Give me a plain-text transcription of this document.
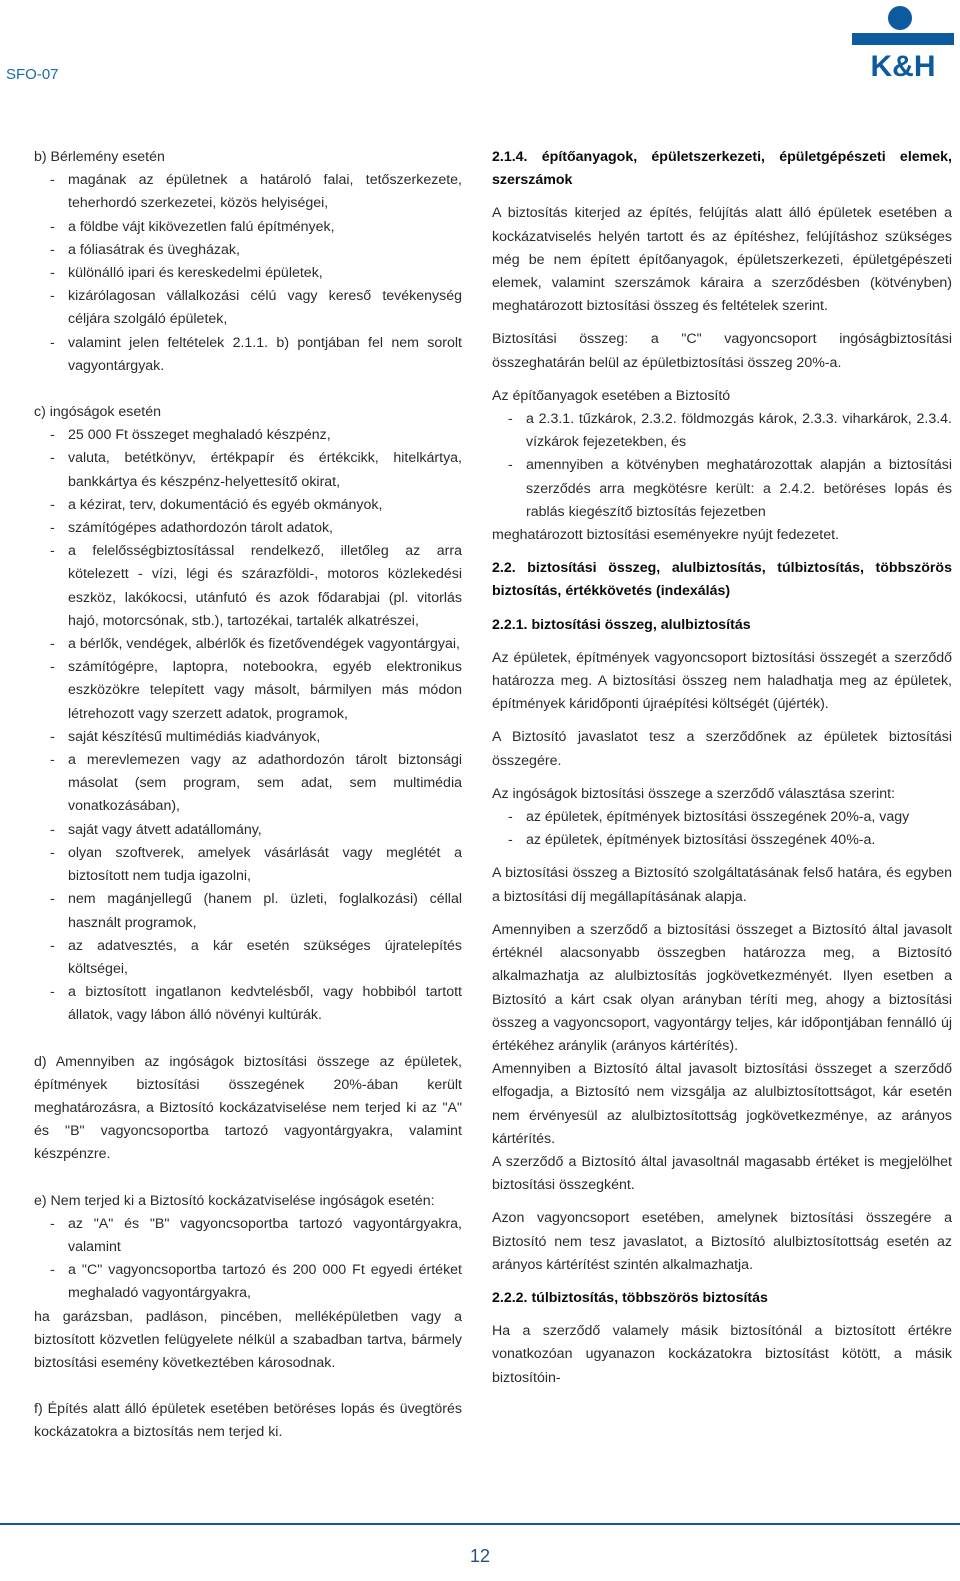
SFO-07	K&H

b) Bérlemény esetén

- magának az épületnek a határoló falai, tetőszerkezete, teherhordó szerkezetei, közös helyiségei,
- a földbe vájt kikövezetlen falú építmények,
- a fóliasátrak és üvegházak,
- különálló ipari és kereskedelmi épületek,
- kizárólagosan vállalkozási célú vagy kereső tevékenység céljára szolgáló épületek,
- valamint jelen feltételek 2.1.1. b) pontjában fel nem sorolt vagyontárgyak.

c) ingóságok esetén

- 25 000 Ft összeget meghaladó készpénz,
- valuta, betétkönyv, értékpapír és értékcikk, hitelkártya, bankkártya és készpénz-helyettesítő okirat,
- a kézirat, terv, dokumentáció és egyéb okmányok,
- számítógépes adathordozón tárolt adatok,
- a felelősségbiztosítással rendelkező, illetőleg az arra kötelezett - vízi, légi és szárazföldi-, motoros közlekedési eszköz, lakókocsi, utánfutó és azok fődarabjai (pl. vitorlás hajó, motorcsónak, stb.), tartozékai, tartalék alkatrészei,
- a bérlők, vendégek, albérlők és fizetővendégek vagyontárgyai,
- számítógépre, laptopra, notebookra, egyéb elektronikus eszközökre telepített vagy másolt, bármilyen más módon létrehozott vagy szerzett adatok, programok,
- saját készítésű multimédiás kiadványok,
- a merevlemezen vagy az adathordozón tárolt biztonsági másolat (sem program, sem adat, sem multimédia vonatkozásában),
- saját vagy átvett adatállomány,
- olyan szoftverek, amelyek vásárlását vagy meglétét a biztosított nem tudja igazolni,
- nem magánjellegű (hanem pl. üzleti, foglalkozási) céllal használt programok,
- az adatvesztés, a kár esetén szükséges újratelepítés költségei,
- a biztosított ingatlanon kedvtelésből, vagy hobbiból tartott állatok, vagy lábon álló növényi kultúrák.

d) Amennyiben az ingóságok biztosítási összege az épületek, építmények biztosítási összegének 20%-ában került meghatározásra, a Biztosító kockázatviselése nem terjed ki az "A" és "B" vagyoncsoportba tartozó vagyontárgyakra, valamint készpénzre.

e) Nem terjed ki a Biztosító kockázatviselése ingóságok esetén:

- az "A" és "B" vagyoncsoportba tartozó vagyontárgyakra, valamint
- a "C" vagyoncsoportba tartozó és 200 000 Ft egyedi értéket meghaladó vagyontárgyakra,

ha garázsban, padláson, pincében, melléképületben vagy a biztosított közvetlen felügyelete nélkül a szabadban tartva, bármely biztosítási esemény következtében károsodnak.

f) Építés alatt álló épületek esetében betöréses lopás és üvegtörés kockázatokra a biztosítás nem terjed ki.

2.1.4. építőanyagok, épületszerkezeti, épületgépészeti elemek, szerszámok

A biztosítás kiterjed az építés, felújítás alatt álló épületek esetében a kockázatviselés helyén tartott és az építéshez, felújításhoz szükséges még be nem épített építőanyagok, épületszerkezeti, épületgépészeti elemek, valamint szerszámok káraira a szerződésben (kötvényben) meghatározott biztosítási összeg és feltételek szerint.

Biztosítási összeg: a "C" vagyoncsoport ingóságbiztosítási összeghatárán belül az épületbiztosítási összeg 20%-a.

Az építőanyagok esetében a Biztosító

- a 2.3.1. tűzkárok, 2.3.2. földmozgás károk, 2.3.3. viharkárok, 2.3.4. vízkárok fejezetekben, és
- amennyiben a kötvényben meghatározottak alapján a biztosítási szerződés arra megkötésre került: a 2.4.2. betöréses lopás és rablás kiegészítő biztosítás fejezetben

meghatározott biztosítási eseményekre nyújt fedezetet.

2.2. biztosítási összeg, alulbiztosítás, túlbiztosítás, többszörös biztosítás, értékkövetés (indexálás)

2.2.1. biztosítási összeg, alulbiztosítás

Az épületek, építmények vagyoncsoport biztosítási összegét a szerződő határozza meg. A biztosítási összeg nem haladhatja meg az épületek, építmények káridőponti újraépítési költségét (újérték).

A Biztosító javaslatot tesz a szerződőnek az épületek biztosítási összegére.

Az ingóságok biztosítási összege a szerződő választása szerint:

- az épületek, építmények biztosítási összegének 20%-a, vagy
- az épületek, építmények biztosítási összegének 40%-a.

A biztosítási összeg a Biztosító szolgáltatásának felső határa, és egyben a biztosítási díj megállapításának alapja.

Amennyiben a szerződő a biztosítási összeget a Biztosító által javasolt értéknél alacsonyabb összegben határozza meg, a Biztosító alkalmazhatja az alulbiztosítás jogkövetkezményét. Ilyen esetben a Biztosító a kárt csak olyan arányban téríti meg, ahogy a biztosítási összeg a vagyoncsoport, vagyontárgy teljes, kár időpontjában fennálló új értékéhez aránylik (arányos kártérítés).

Amennyiben a Biztosító által javasolt biztosítási összeget a szerződő elfogadja, a Biztosító nem vizsgálja az alulbiztosítottságot, kár esetén nem érvényesül az alulbiztosítottság jogkövetkezménye, az arányos kártérítés.

A szerződő a Biztosító által javasoltnál magasabb értéket is megjelölhet biztosítási összegként.

Azon vagyoncsoport esetében, amelynek biztosítási összegére a Biztosító nem tesz javaslatot, a Biztosító alulbiztosítottság esetén az arányos kártérítést szintén alkalmazhatja.

2.2.2. túlbiztosítás, többszörös biztosítás

Ha a szerződő valamely másik biztosítónál a biztosított értékre vonatkozóan ugyanazon kockázatokra biztosítást kötött, a másik biztosítóin-

12
